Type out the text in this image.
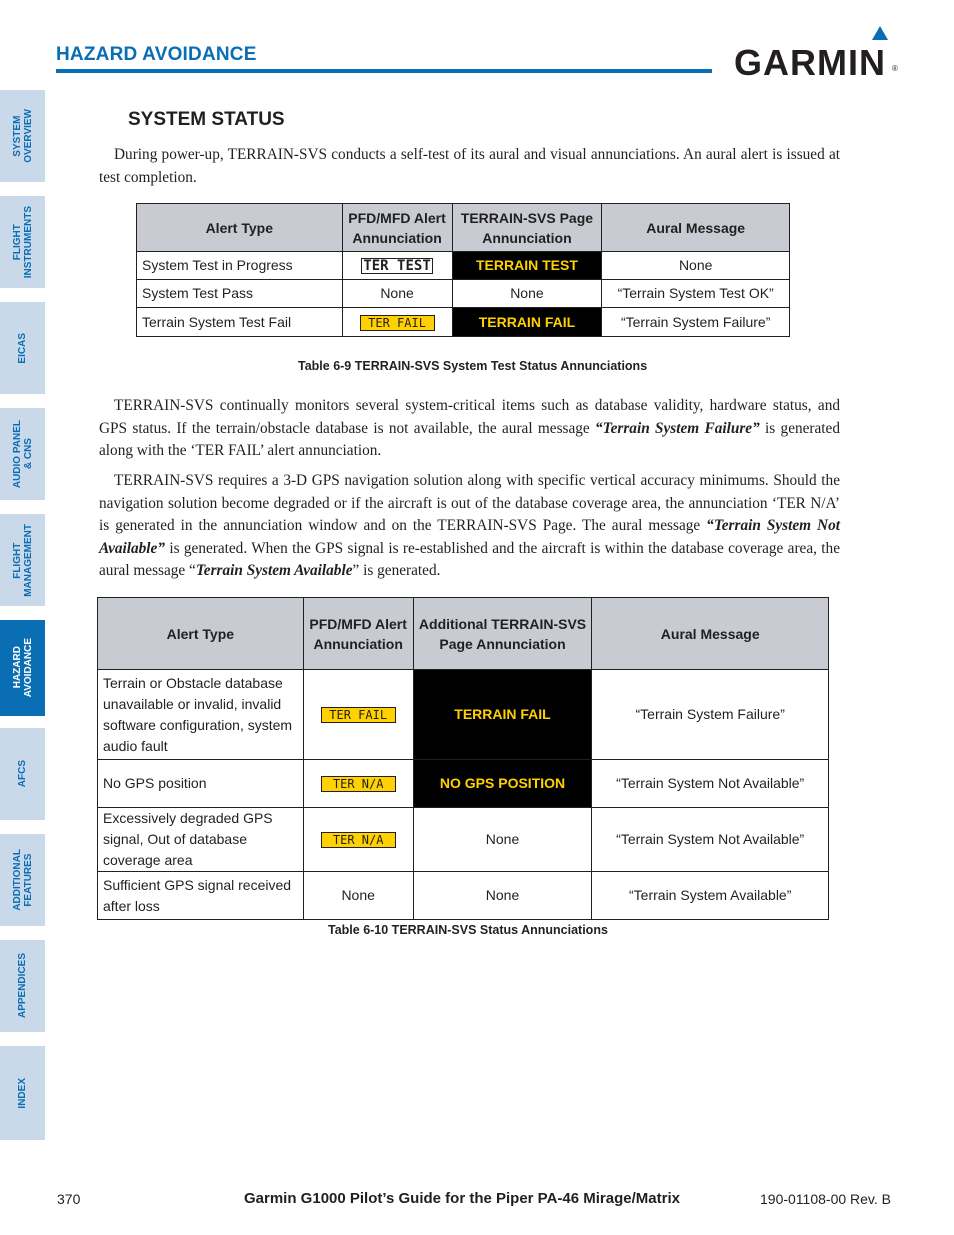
HAZARD AVOIDANCE	GARMIN ®
SYSTEM
OVERVIEW
FLIGHT
INSTRUMENTS
EICAS
AUDIO PANEL
& CNS
FLIGHT
MANAGEMENT
HAZARD
AVOIDANCE
AFCS
ADDITIONAL
FEATURES
APPENDICES
INDEX
SYSTEM STATUS

During power-up, TERRAIN-SVS conducts a self-test of its aural and visual annunciations. An aural alert is issued at test completion.

Alert Type	PFD/MFD Alert Annunciation	TERRAIN-SVS Page Annunciation	Aural Message
System Test in Progress	TER TEST	TERRAIN TEST	None
System Test Pass	None	None	“Terrain System Test OK”
Terrain System Test Fail	TER FAIL	TERRAIN FAIL	“Terrain System Failure”
Table 6-9 TERRAIN-SVS System Test Status Annunciations

TERRAIN-SVS continually monitors several system-critical items such as database validity, hardware status, and GPS status. If the terrain/obstacle database is not available, the aural message “Terrain System Failure” is generated along with the ‘TER FAIL’ alert annunciation.

TERRAIN-SVS requires a 3-D GPS navigation solution along with specific vertical accuracy minimums. Should the navigation solution become degraded or if the aircraft is out of the database coverage area, the annunciation ‘TER N/A’ is generated in the annunciation window and on the TERRAIN-SVS Page. The aural message “Terrain System Not Available” is generated. When the GPS signal is re-established and the aircraft is within the database coverage area, the aural message “Terrain System Available” is generated.

Alert Type	PFD/MFD Alert Annunciation	Additional TERRAIN-SVS Page Annunciation	Aural Message
Terrain or Obstacle database unavailable or invalid, invalid software configuration, system audio fault	TER FAIL	TERRAIN FAIL	“Terrain System Failure”
No GPS position	TER N/A	NO GPS POSITION	“Terrain System Not Available”
Excessively degraded GPS signal, Out of database coverage area	TER N/A	None	“Terrain System Not Available”
Sufficient GPS signal received after loss	None	None	“Terrain System Available”
Table 6-10 TERRAIN-SVS Status Annunciations
370	Garmin G1000 Pilot’s Guide for the Piper PA-46 Mirage/Matrix	190-01108-00 Rev. B
